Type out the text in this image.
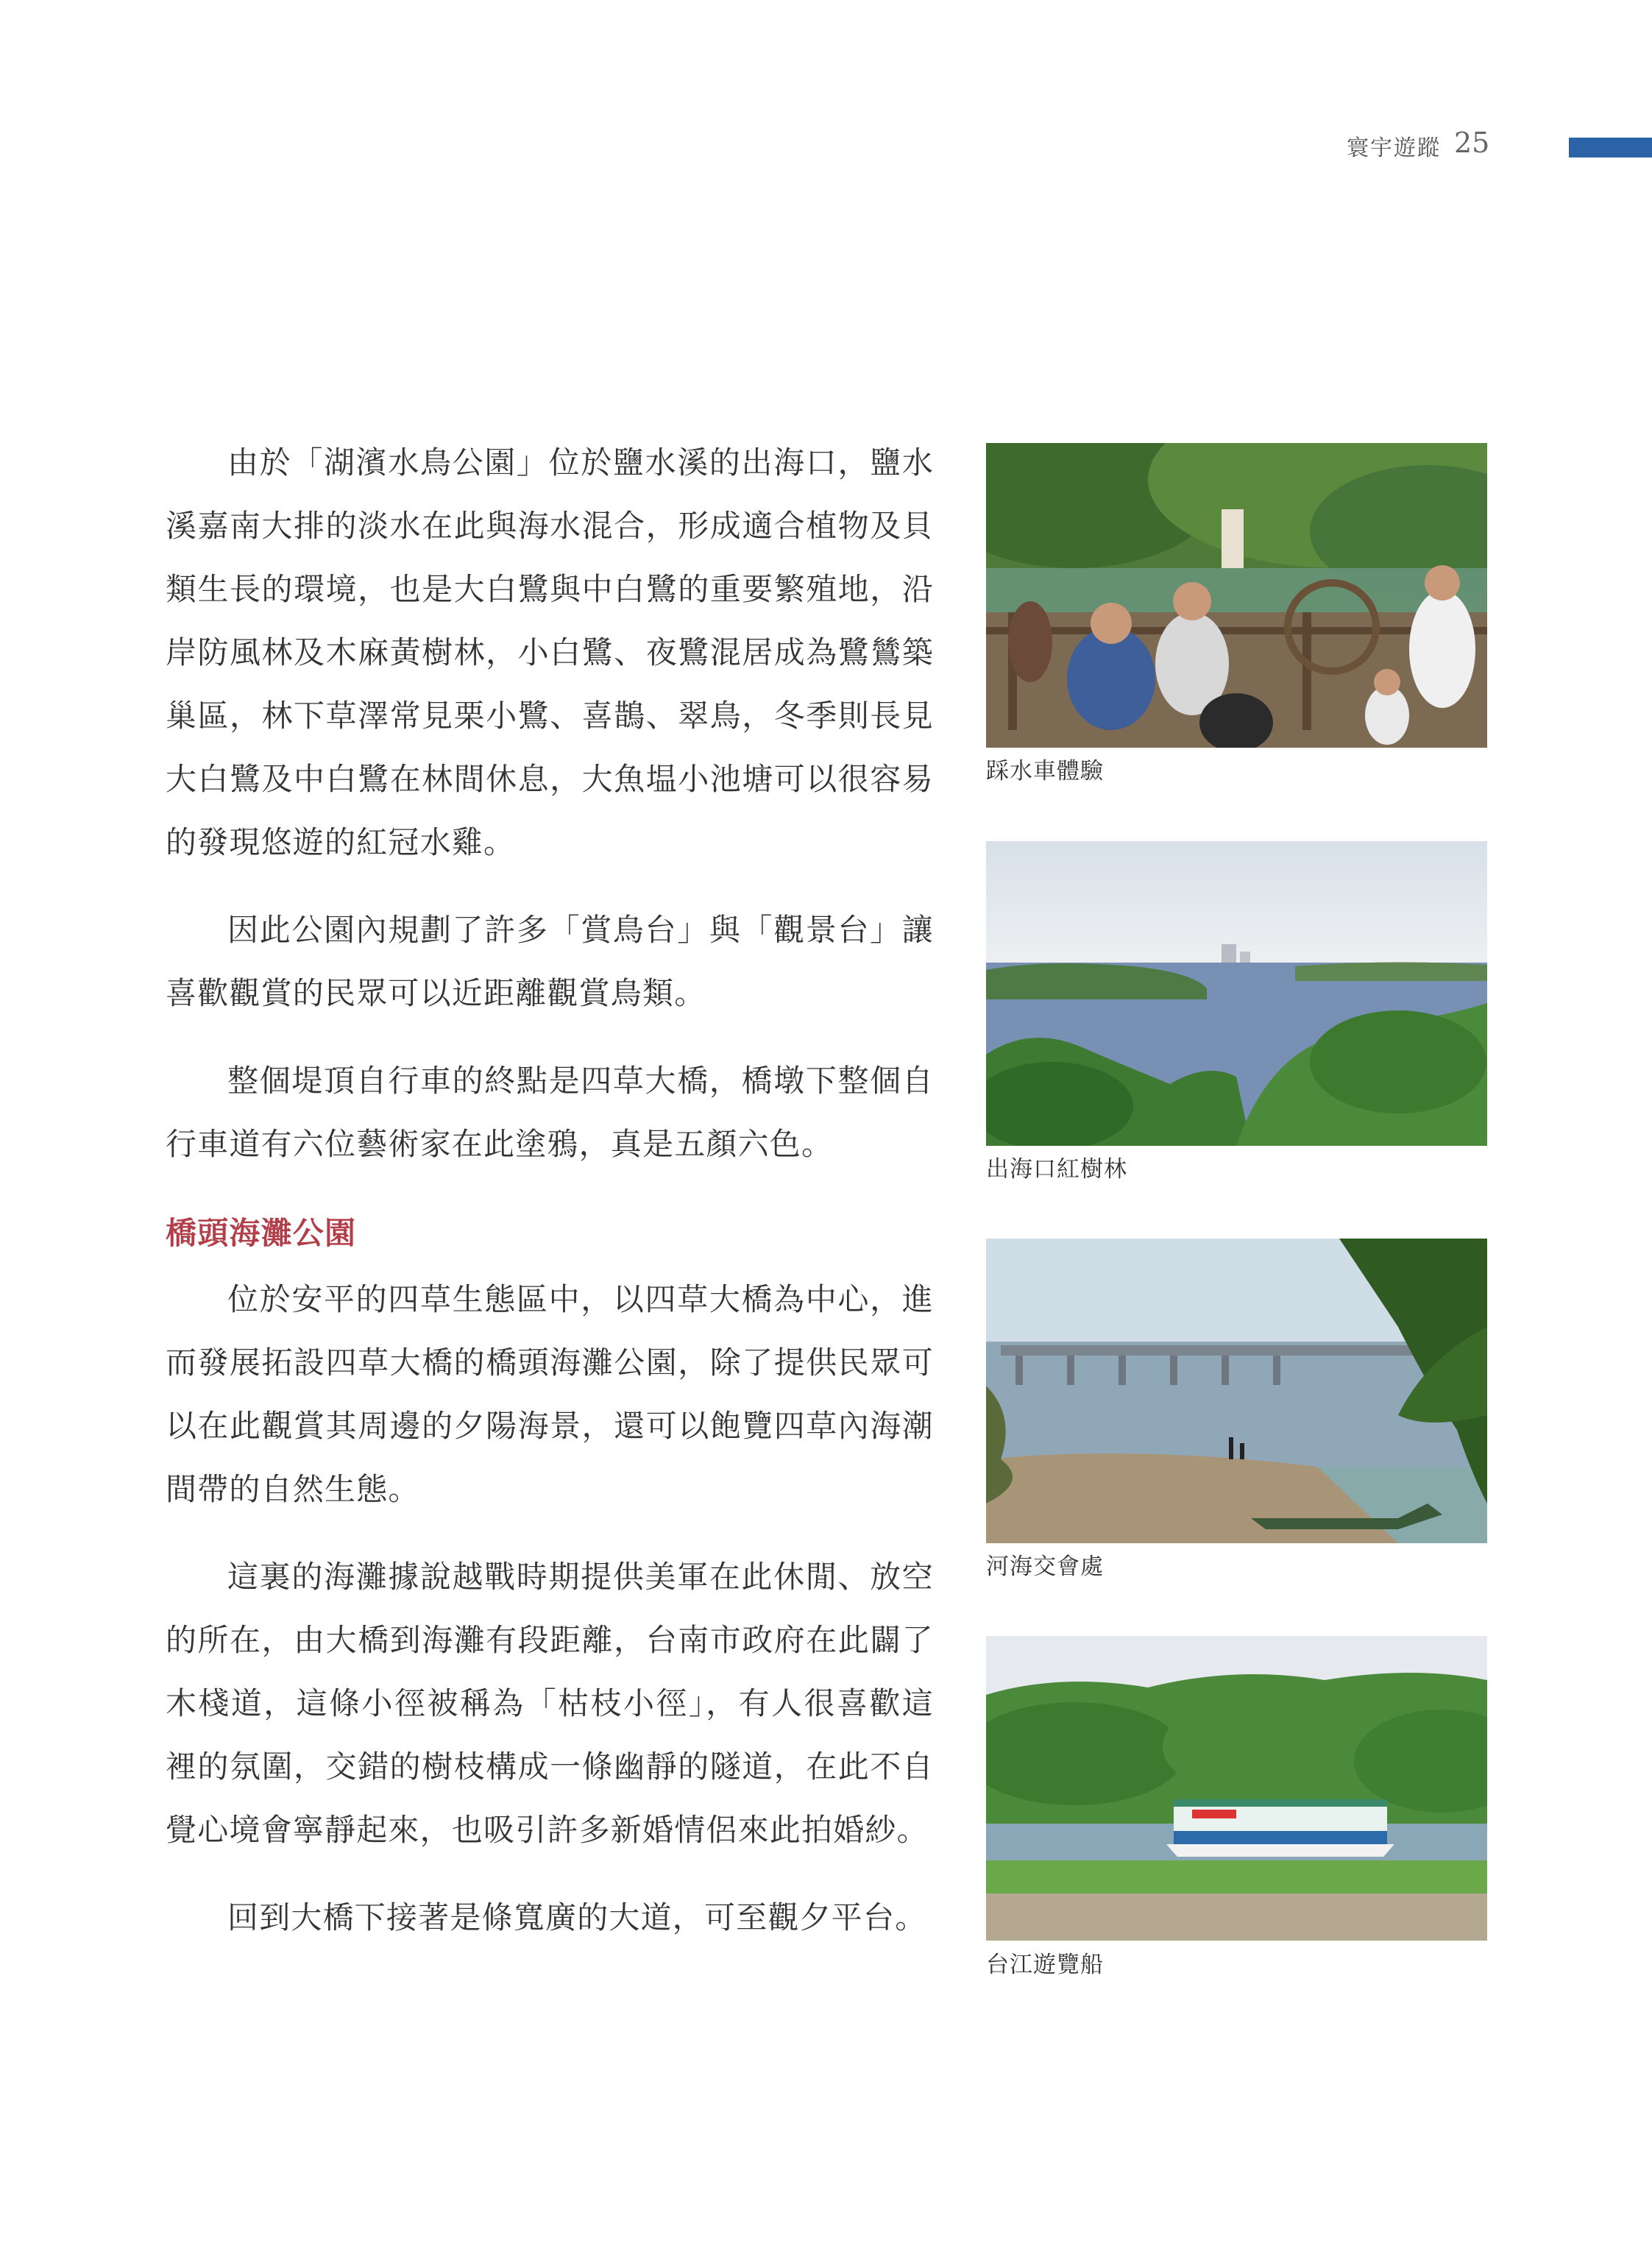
寰宇遊蹤 25

由於「湖濱水鳥公園」位於鹽水溪的出海口，鹽水溪嘉南大排的淡水在此與海水混合，形成適合植物及貝類生長的環境，也是大白鷺與中白鷺的重要繁殖地，沿岸防風林及木麻黃樹林，小白鷺、夜鷺混居成為鷺鷥築巢區，林下草澤常見栗小鷺、喜鵲、翠鳥，冬季則長見大白鷺及中白鷺在林間休息，大魚塭小池塘可以很容易的發現悠遊的紅冠水雞。

因此公園內規劃了許多「賞鳥台」與「觀景台」讓喜歡觀賞的民眾可以近距離觀賞鳥類。

整個堤頂自行車的終點是四草大橋，橋墩下整個自行車道有六位藝術家在此塗鴉，真是五顏六色。

橋頭海灘公園

位於安平的四草生態區中，以四草大橋為中心，進而發展拓設四草大橋的橋頭海灘公園，除了提供民眾可以在此觀賞其周邊的夕陽海景，還可以飽覽四草內海潮間帶的自然生態。

這裏的海灘據說越戰時期提供美軍在此休閒、放空的所在，由大橋到海灘有段距離，台南市政府在此闢了木棧道，這條小徑被稱為「枯枝小徑」，有人很喜歡這裡的氛圍，交錯的樹枝構成一條幽靜的隧道，在此不自覺心境會寧靜起來，也吸引許多新婚情侶來此拍婚紗。

回到大橋下接著是條寬廣的大道，可至觀夕平台。

踩水車體驗
出海口紅樹林
河海交會處
台江遊覽船
